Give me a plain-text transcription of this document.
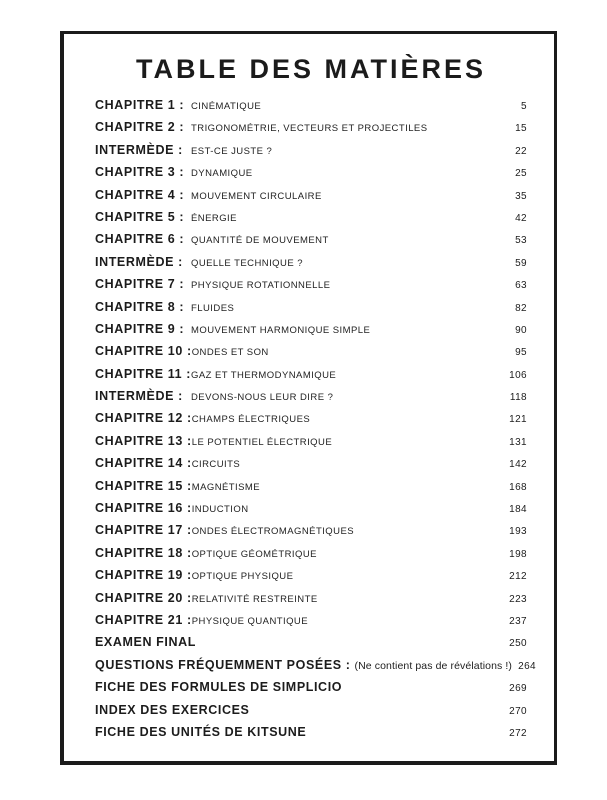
TABLE DES MATIÈRES
CHAPITRE 1 : CINÉMATIQUE	5
CHAPITRE 2 : TRIGONOMÉTRIE, VECTEURS ET PROJECTILES	15
INTERMÈDE : EST-CE JUSTE ?	22
CHAPITRE 3 : DYNAMIQUE	25
CHAPITRE 4 : MOUVEMENT CIRCULAIRE	35
CHAPITRE 5 : ÉNERGIE	42
CHAPITRE 6 : QUANTITÉ DE MOUVEMENT	53
INTERMÈDE : QUELLE TECHNIQUE ?	59
CHAPITRE 7 : PHYSIQUE ROTATIONNELLE	63
CHAPITRE 8 : FLUIDES	82
CHAPITRE 9 : MOUVEMENT HARMONIQUE SIMPLE	90
CHAPITRE 10 : ONDES ET SON	95
CHAPITRE 11 : GAZ ET THERMODYNAMIQUE	106
INTERMÈDE : DEVONS-NOUS LEUR DIRE ?	118
CHAPITRE 12 : CHAMPS ÉLECTRIQUES	121
CHAPITRE 13 : LE POTENTIEL ÉLECTRIQUE	131
CHAPITRE 14 : CIRCUITS	142
CHAPITRE 15 : MAGNÉTISME	168
CHAPITRE 16 : INDUCTION	184
CHAPITRE 17 : ONDES ÉLECTROMAGNÉTIQUES	193
CHAPITRE 18 : OPTIQUE GÉOMÉTRIQUE	198
CHAPITRE 19 : OPTIQUE PHYSIQUE	212
CHAPITRE 20 : RELATIVITÉ RESTREINTE	223
CHAPITRE 21 : PHYSIQUE QUANTIQUE	237
EXAMEN FINAL	250
QUESTIONS FRÉQUEMMENT POSÉES : (Ne contient pas de révélations !) 264
FICHE DES FORMULES DE SIMPLICIO	269
INDEX DES EXERCICES	270
FICHE DES UNITÉS DE KITSUNE	272
